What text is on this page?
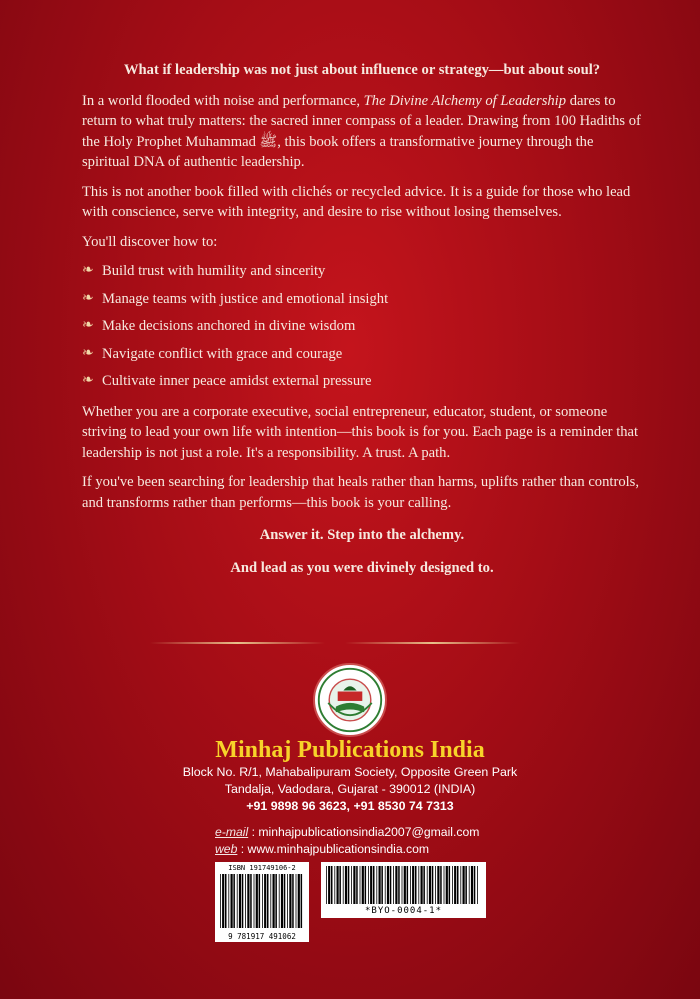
What if leadership was not just about influence or strategy—but about soul?

In a world flooded with noise and performance, The Divine Alchemy of Leadership dares to return to what truly matters: the sacred inner compass of a leader. Drawing from 100 Hadiths of the Holy Prophet Muhammad ﷺ, this book offers a transformative journey through the spiritual DNA of authentic leadership.

This is not another book filled with clichés or recycled advice. It is a guide for those who lead with conscience, serve with integrity, and desire to rise without losing themselves.

You'll discover how to:

❧ Build trust with humility and sincerity
❧ Manage teams with justice and emotional insight
❧ Make decisions anchored in divine wisdom
❧ Navigate conflict with grace and courage
❧ Cultivate inner peace amidst external pressure

Whether you are a corporate executive, social entrepreneur, educator, student, or someone striving to lead your own life with intention—this book is for you. Each page is a reminder that leadership is not just a role. It's a responsibility. A trust. A path.

If you've been searching for leadership that heals rather than harms, uplifts rather than controls, and transforms rather than performs—this book is your calling.

Answer it. Step into the alchemy.

And lead as you were divinely designed to.

Minhaj Publications India
Block No. R/1, Mahabalipuram Society, Opposite Green Park
Tandalja, Vadodara, Gujarat - 390012 (INDIA)
+91 9898 96 3623, +91 8530 74 7313
e-mail : minhajpublicationsindia2007@gmail.com
web : www.minhajpublicationsindia.com
ISBN 191749106-2
9 781917 491062
*BYO-0004-1*
